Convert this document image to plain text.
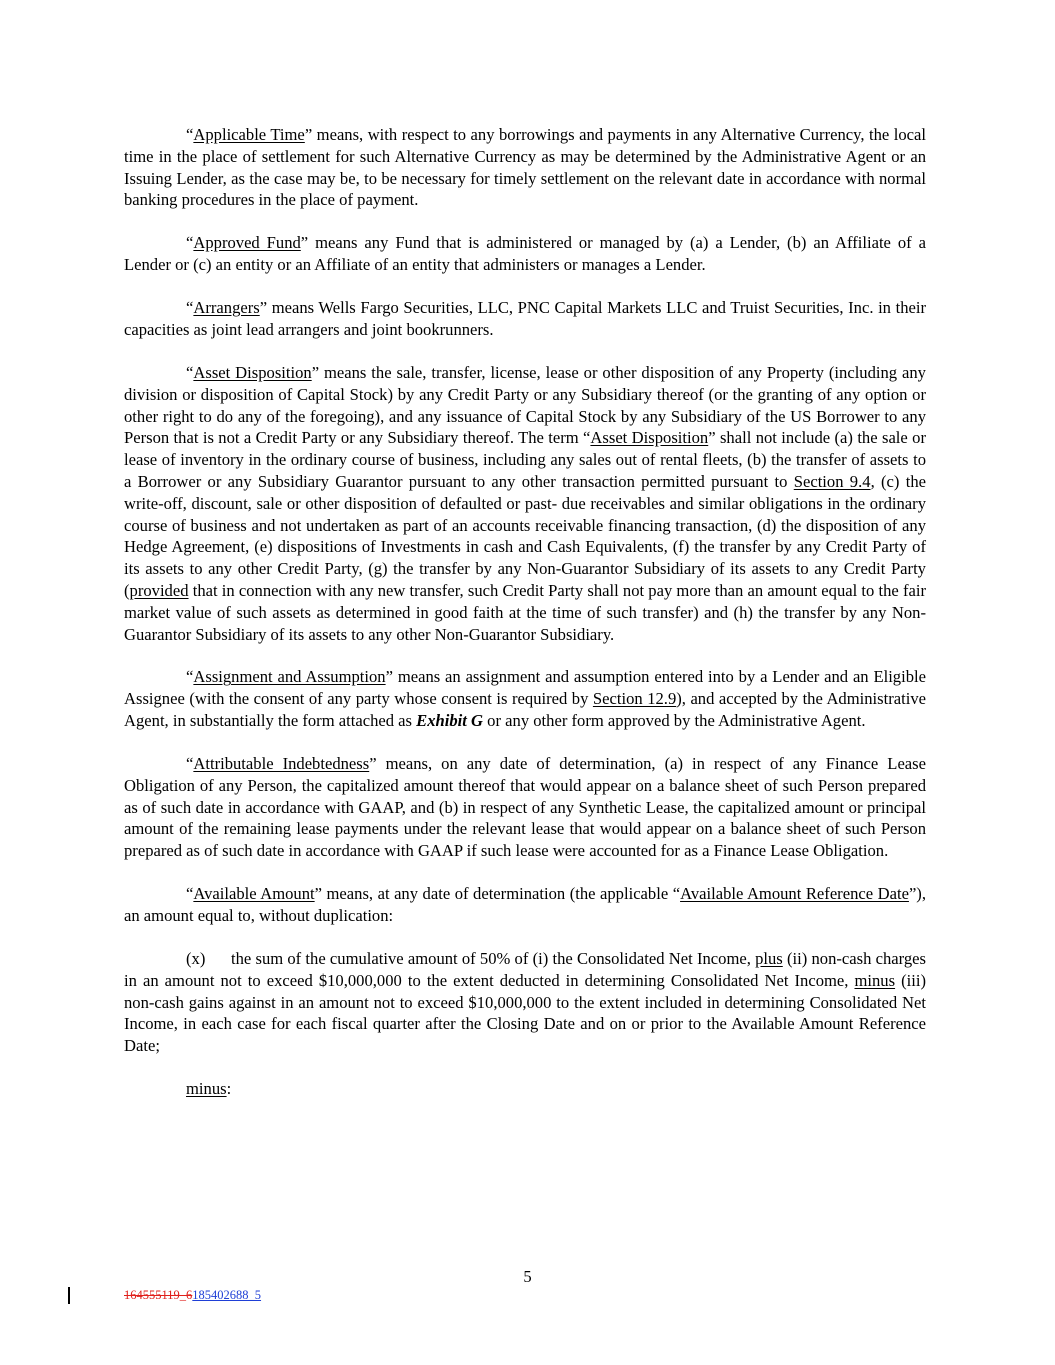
“Applicable Time” means, with respect to any borrowings and payments in any Alternative Currency, the local time in the place of settlement for such Alternative Currency as may be determined by the Administrative Agent or an Issuing Lender, as the case may be, to be necessary for timely settlement on the relevant date in accordance with normal banking procedures in the place of payment.

“Approved Fund” means any Fund that is administered or managed by (a) a Lender, (b) an Affiliate of a Lender or (c) an entity or an Affiliate of an entity that administers or manages a Lender.

“Arrangers” means Wells Fargo Securities, LLC, PNC Capital Markets LLC and Truist Securities, Inc. in their capacities as joint lead arrangers and joint bookrunners.

“Asset Disposition” means the sale, transfer, license, lease or other disposition of any Property (including any division or disposition of Capital Stock) by any Credit Party or any Subsidiary thereof (or the granting of any option or other right to do any of the foregoing), and any issuance of Capital Stock by any Subsidiary of the US Borrower to any Person that is not a Credit Party or any Subsidiary thereof. The term “Asset Disposition” shall not include (a) the sale or lease of inventory in the ordinary course of business, including any sales out of rental fleets, (b) the transfer of assets to a Borrower or any Subsidiary Guarantor pursuant to any other transaction permitted pursuant to Section 9.4, (c) the write-off, discount, sale or other disposition of defaulted or past- due receivables and similar obligations in the ordinary course of business and not undertaken as part of an accounts receivable financing transaction, (d) the disposition of any Hedge Agreement, (e) dispositions of Investments in cash and Cash Equivalents, (f) the transfer by any Credit Party of its assets to any other Credit Party, (g) the transfer by any Non-Guarantor Subsidiary of its assets to any Credit Party (provided that in connection with any new transfer, such Credit Party shall not pay more than an amount equal to the fair market value of such assets as determined in good faith at the time of such transfer) and (h) the transfer by any Non-Guarantor Subsidiary of its assets to any other Non-Guarantor Subsidiary.

“Assignment and Assumption” means an assignment and assumption entered into by a Lender and an Eligible Assignee (with the consent of any party whose consent is required by Section 12.9), and accepted by the Administrative Agent, in substantially the form attached as Exhibit G or any other form approved by the Administrative Agent.

“Attributable Indebtedness” means, on any date of determination, (a) in respect of any Finance Lease Obligation of any Person, the capitalized amount thereof that would appear on a balance sheet of such Person prepared as of such date in accordance with GAAP, and (b) in respect of any Synthetic Lease, the capitalized amount or principal amount of the remaining lease payments under the relevant lease that would appear on a balance sheet of such Person prepared as of such date in accordance with GAAP if such lease were accounted for as a Finance Lease Obligation.

“Available Amount” means, at any date of determination (the applicable “Available Amount Reference Date”), an amount equal to, without duplication:

(x) the sum of the cumulative amount of 50% of (i) the Consolidated Net Income, plus (ii) non-cash charges in an amount not to exceed $10,000,000 to the extent deducted in determining Consolidated Net Income, minus (iii) non-cash gains against in an amount not to exceed $10,000,000 to the extent included in determining Consolidated Net Income, in each case for each fiscal quarter after the Closing Date and on or prior to the Available Amount Reference Date;

minus:

5
164555119_6185402688_5
